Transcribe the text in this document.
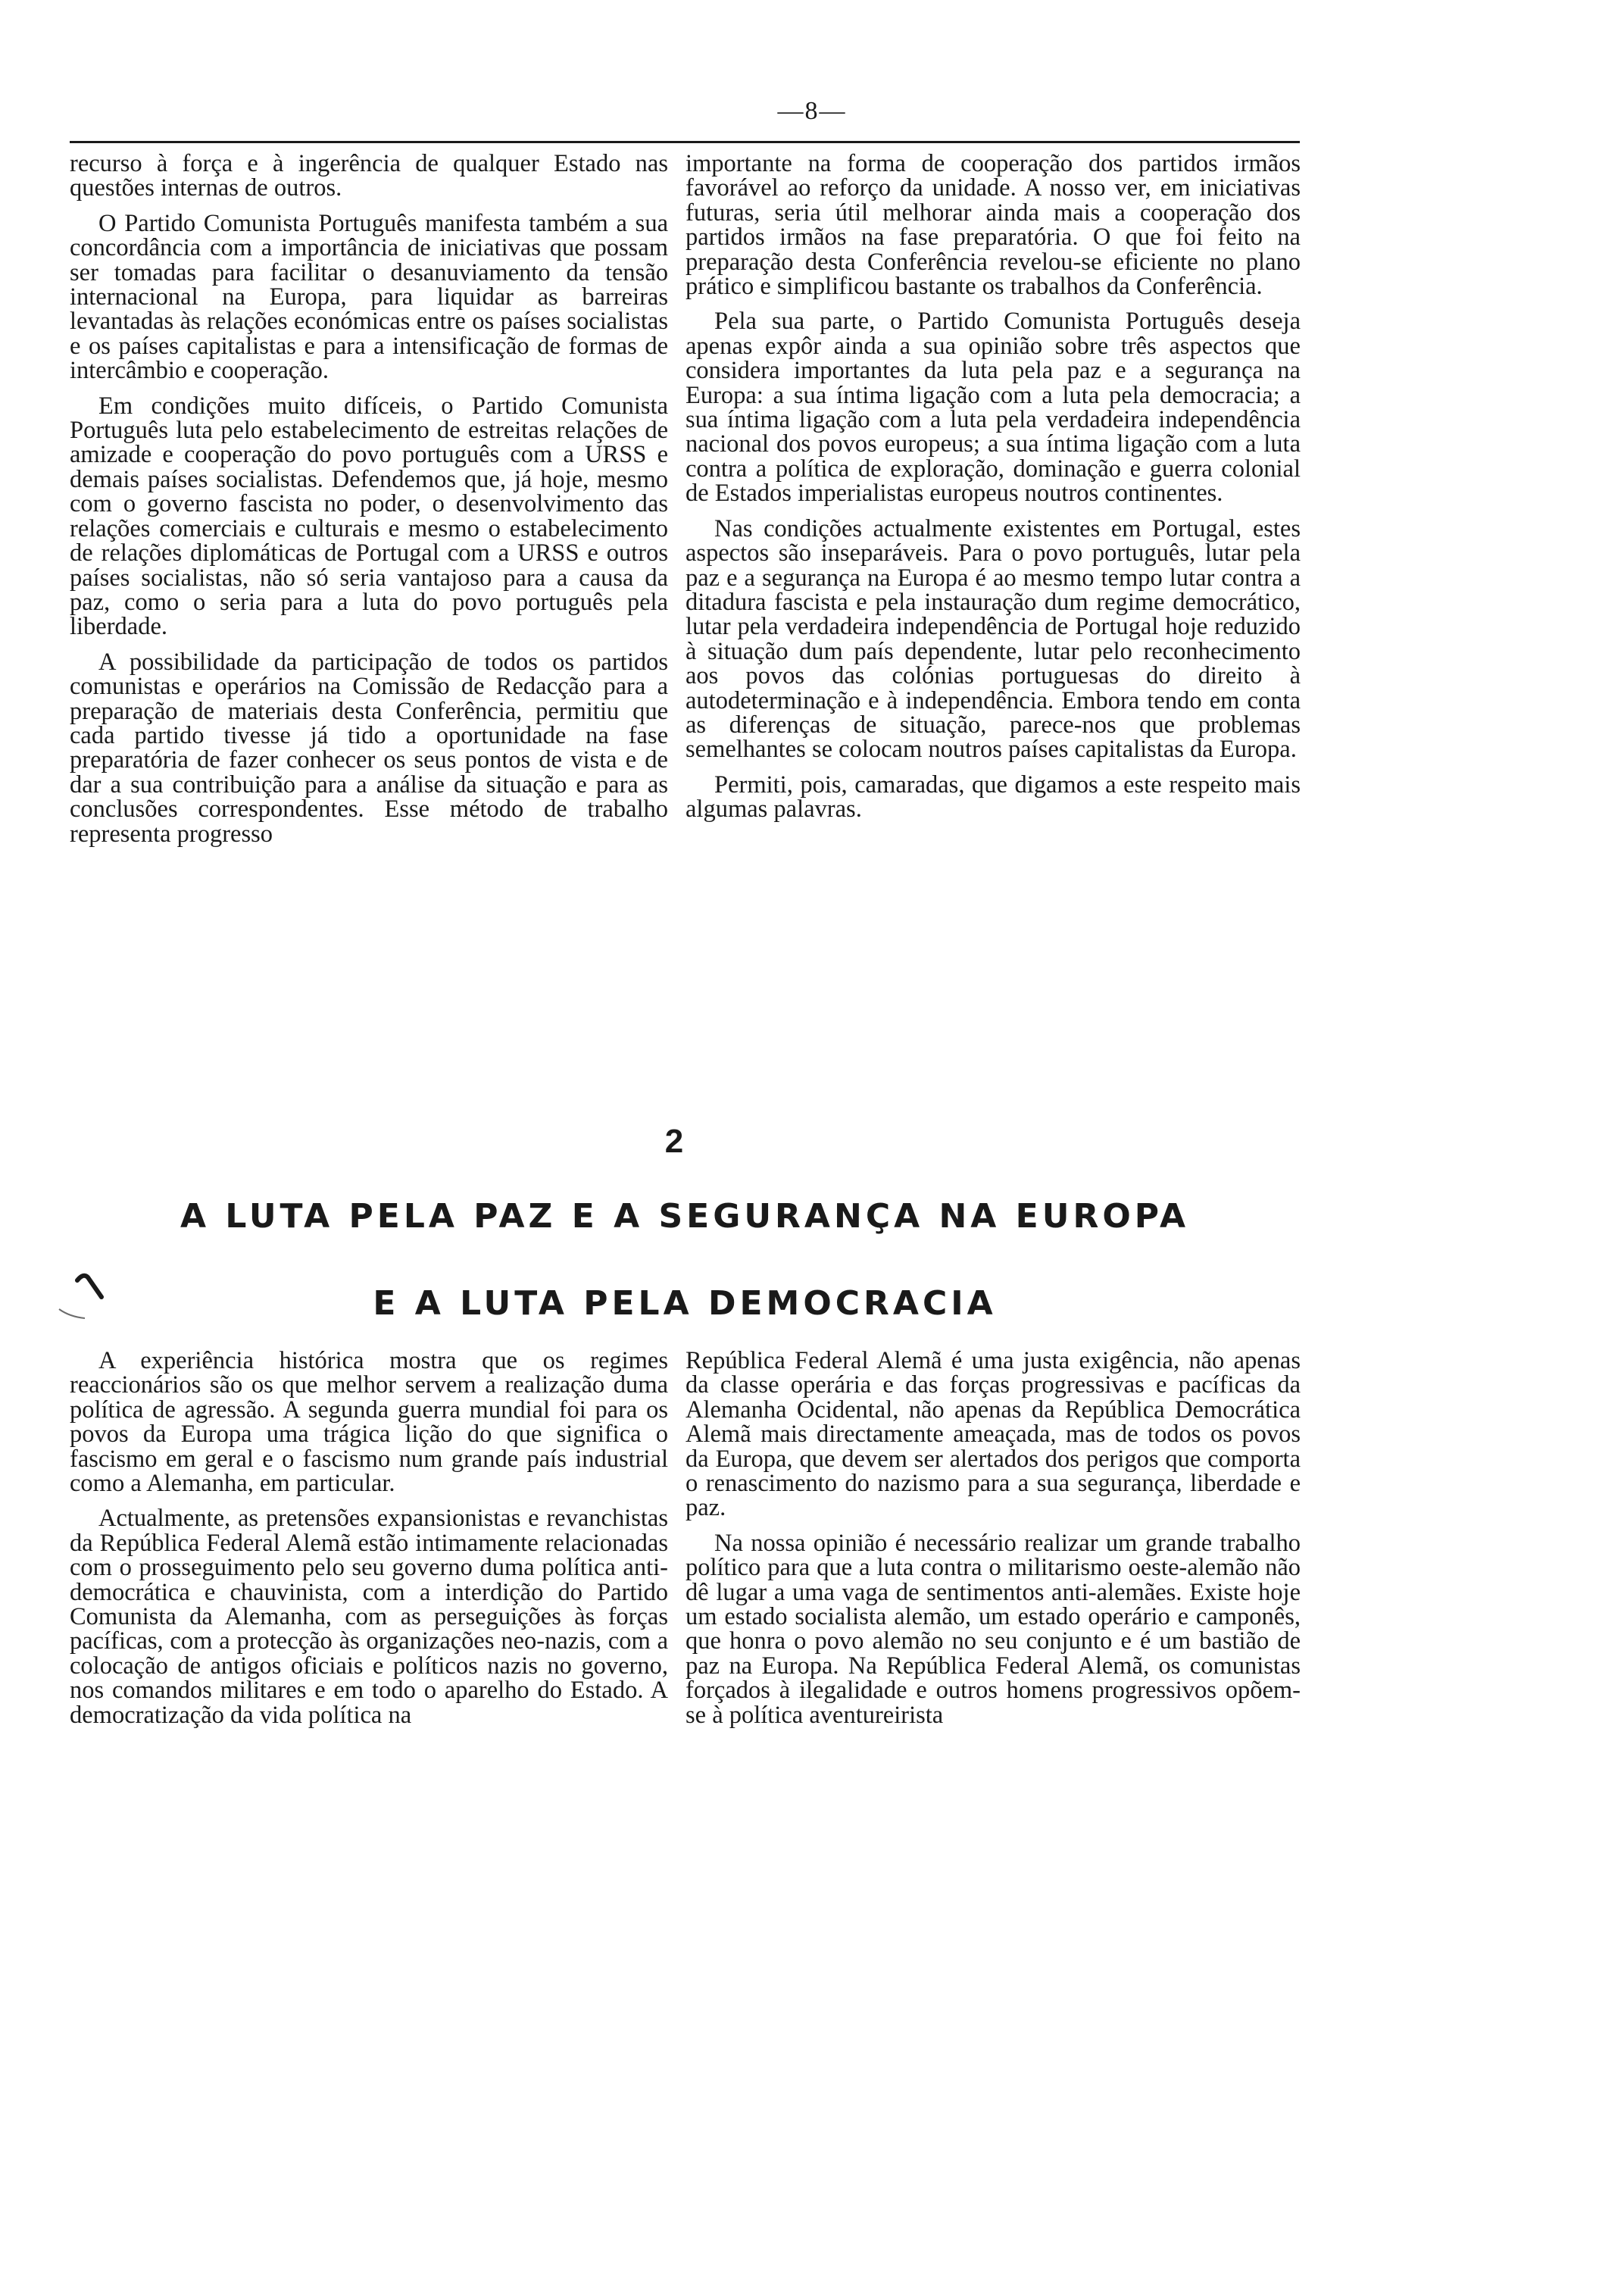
—8—

recurso à força e à ingerência de qualquer Estado nas questões internas de outros.

O Partido Comunista Português manifesta também a sua concordância com a importância de iniciativas que possam ser tomadas para facilitar o desanuviamento da tensão internacional na Europa, para liquidar as barreiras levantadas às relações económicas entre os países socialistas e os países capitalistas e para a intensificação de formas de intercâmbio e cooperação.

Em condições muito difíceis, o Partido Comunista Português luta pelo estabelecimento de estreitas relações de amizade e cooperação do povo português com a URSS e demais países socialistas. Defendemos que, já hoje, mesmo com o governo fascista no poder, o desenvolvimento das relações comerciais e culturais e mesmo o estabelecimento de relações diplomáticas de Portugal com a URSS e outros países socialistas, não só seria vantajoso para a causa da paz, como o seria para a luta do povo português pela liberdade.

A possibilidade da participação de todos os partidos comunistas e operários na Comissão de Redacção para a preparação de materiais desta Conferência, permitiu que cada partido tivesse já tido a oportunidade na fase preparatória de fazer conhecer os seus pontos de vista e de dar a sua contribuição para a análise da situação e para as conclusões correspondentes. Esse método de trabalho representa progresso

importante na forma de cooperação dos partidos irmãos favorável ao reforço da unidade. A nosso ver, em iniciativas futuras, seria útil melhorar ainda mais a cooperação dos partidos irmãos na fase preparatória. O que foi feito na preparação desta Conferência revelou-se eficiente no plano prático e simplificou bastante os trabalhos da Conferência.

Pela sua parte, o Partido Comunista Português deseja apenas expôr ainda a sua opinião sobre três aspectos que considera importantes da luta pela paz e a segurança na Europa: a sua íntima ligação com a luta pela democracia; a sua íntima ligação com a luta pela verdadeira independência nacional dos povos europeus; a sua íntima ligação com a luta contra a política de exploração, dominação e guerra colonial de Estados imperialistas europeus noutros continentes.

Nas condições actualmente existentes em Portugal, estes aspectos são inseparáveis. Para o povo português, lutar pela paz e a segurança na Europa é ao mesmo tempo lutar contra a ditadura fascista e pela instauração dum regime democrático, lutar pela verdadeira independência de Portugal hoje reduzido à situação dum país dependente, lutar pelo reconhecimento aos povos das colónias portuguesas do direito à autodeterminação e à independência. Embora tendo em conta as diferenças de situação, parece-nos que problemas semelhantes se colocam noutros países capitalistas da Europa.

Permiti, pois, camaradas, que digamos a este respeito mais algumas palavras.

2
A LUTA PELA PAZ E A SEGURANÇA NA EUROPA
E A LUTA PELA DEMOCRACIA

A experiência histórica mostra que os regimes reaccionários são os que melhor servem a realização duma política de agressão. A segunda guerra mundial foi para os povos da Europa uma trágica lição do que significa o fascismo em geral e o fascismo num grande país industrial como a Alemanha, em particular.

Actualmente, as pretensões expansionistas e revanchistas da República Federal Alemã estão intimamente relacionadas com o prosseguimento pelo seu governo duma política anti-democrática e chauvinista, com a interdição do Partido Comunista da Alemanha, com as perseguições às forças pacíficas, com a protecção às organizações neo-nazis, com a colocação de antigos oficiais e políticos nazis no governo, nos comandos militares e em todo o aparelho do Estado. A democratização da vida política na

República Federal Alemã é uma justa exigência, não apenas da classe operária e das forças progressivas e pacíficas da Alemanha Ocidental, não apenas da República Democrática Alemã mais directamente ameaçada, mas de todos os povos da Europa, que devem ser alertados dos perigos que comporta o renascimento do nazismo para a sua segurança, liberdade e paz.

Na nossa opinião é necessário realizar um grande trabalho político para que a luta contra o militarismo oeste-alemão não dê lugar a uma vaga de sentimentos anti-alemães. Existe hoje um estado socialista alemão, um estado operário e camponês, que honra o povo alemão no seu conjunto e é um bastião de paz na Europa. Na República Federal Alemã, os comunistas forçados à ilegalidade e outros homens progressivos opõem-se à política aventureirista
